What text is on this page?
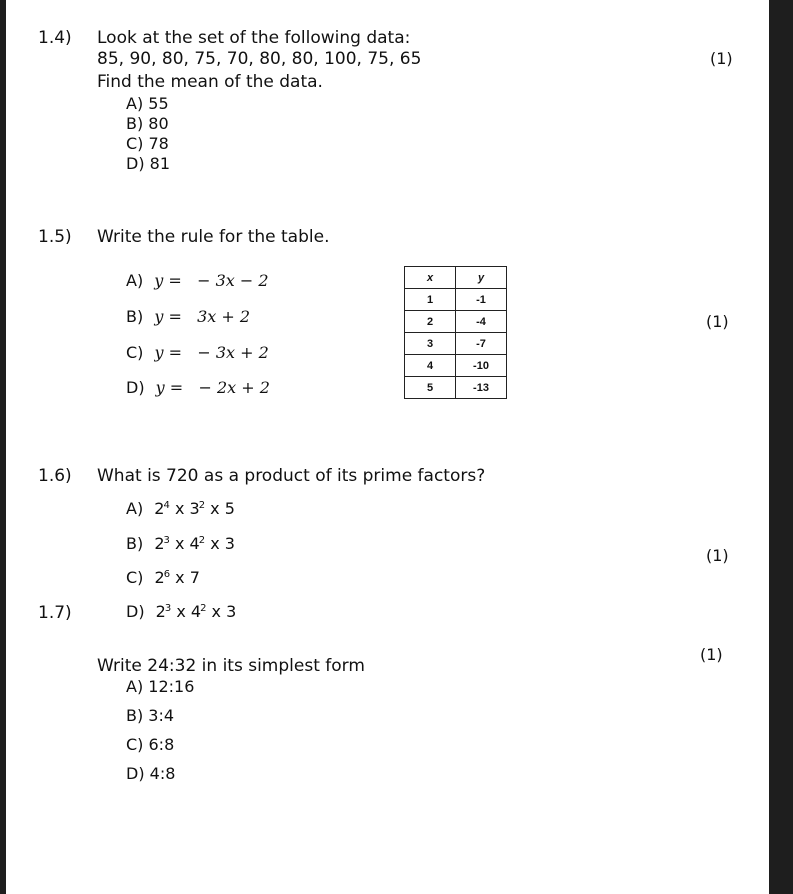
1.4) Look at the set of the following data:
85, 90, 80, 75, 70, 80, 80, 100, 75, 65	(1)
Find the mean of the data.
A) 55
B) 80
C) 78
D) 81
1.5) Write the rule for the table.
A) y =   − 3x − 2
B) y =   3x + 2
C) y =   − 3x + 2
D) y =   − 2x + 2
x	y
1	-1
2	-4
3	-7
4	-10
5	-13
(1)
1.6) What is 720 as a product of its prime factors?
A) $2^4$ x $3^2$ x 5
B) $2^3$ x $4^2$ x 3
C) $2^6$ x 7
(1)
1.7)	D) $2^3$ x $4^2$ x 3
(1)
Write 24:32 in its simplest form
A) 12:16
B) 3:4
C) 6:8
D) 4:8
